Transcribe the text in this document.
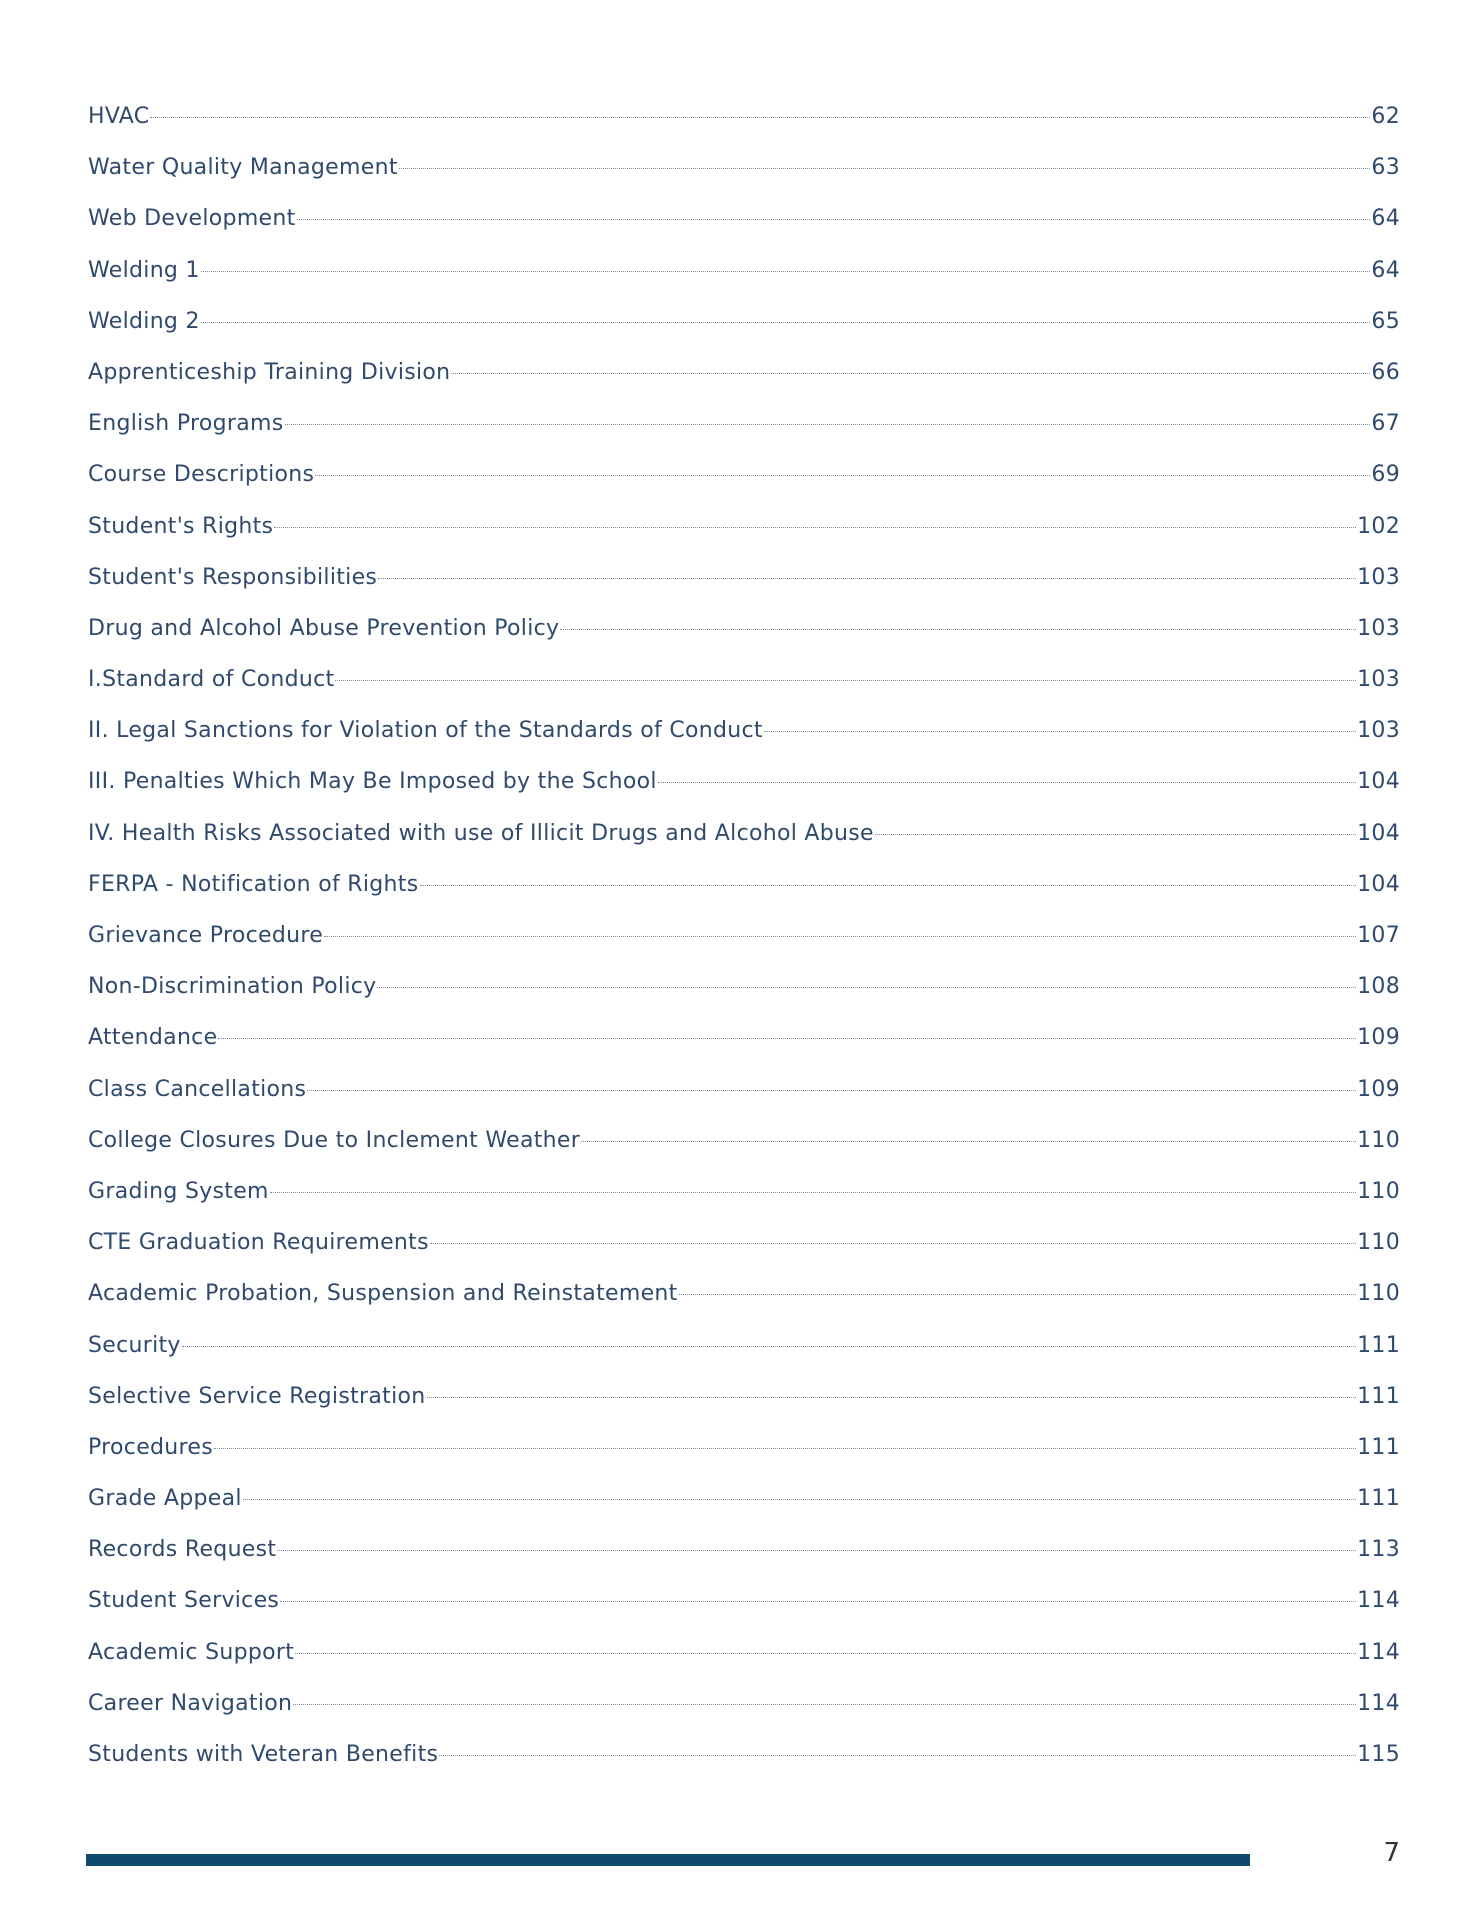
HVAC	62
Water Quality Management	63
Web Development	64
Welding 1	64
Welding 2	65
Apprenticeship Training Division	66
English Programs	67
Course Descriptions	69
Student's Rights	102
Student's Responsibilities	103
Drug and Alcohol Abuse Prevention Policy	103
I.Standard of Conduct	103
II. Legal Sanctions for Violation of the Standards of Conduct	103
III. Penalties Which May Be Imposed by the School	104
IV. Health Risks Associated with use of Illicit Drugs and Alcohol Abuse	104
FERPA - Notification of Rights	104
Grievance Procedure	107
Non-Discrimination Policy	108
Attendance	109
Class Cancellations	109
College Closures Due to Inclement Weather	110
Grading System	110
CTE Graduation Requirements	110
Academic Probation, Suspension and Reinstatement	110
Security	111
Selective Service Registration	111
Procedures	111
Grade Appeal	111
Records Request	113
Student Services	114
Academic Support	114
Career Navigation	114
Students with Veteran Benefits	115
7
